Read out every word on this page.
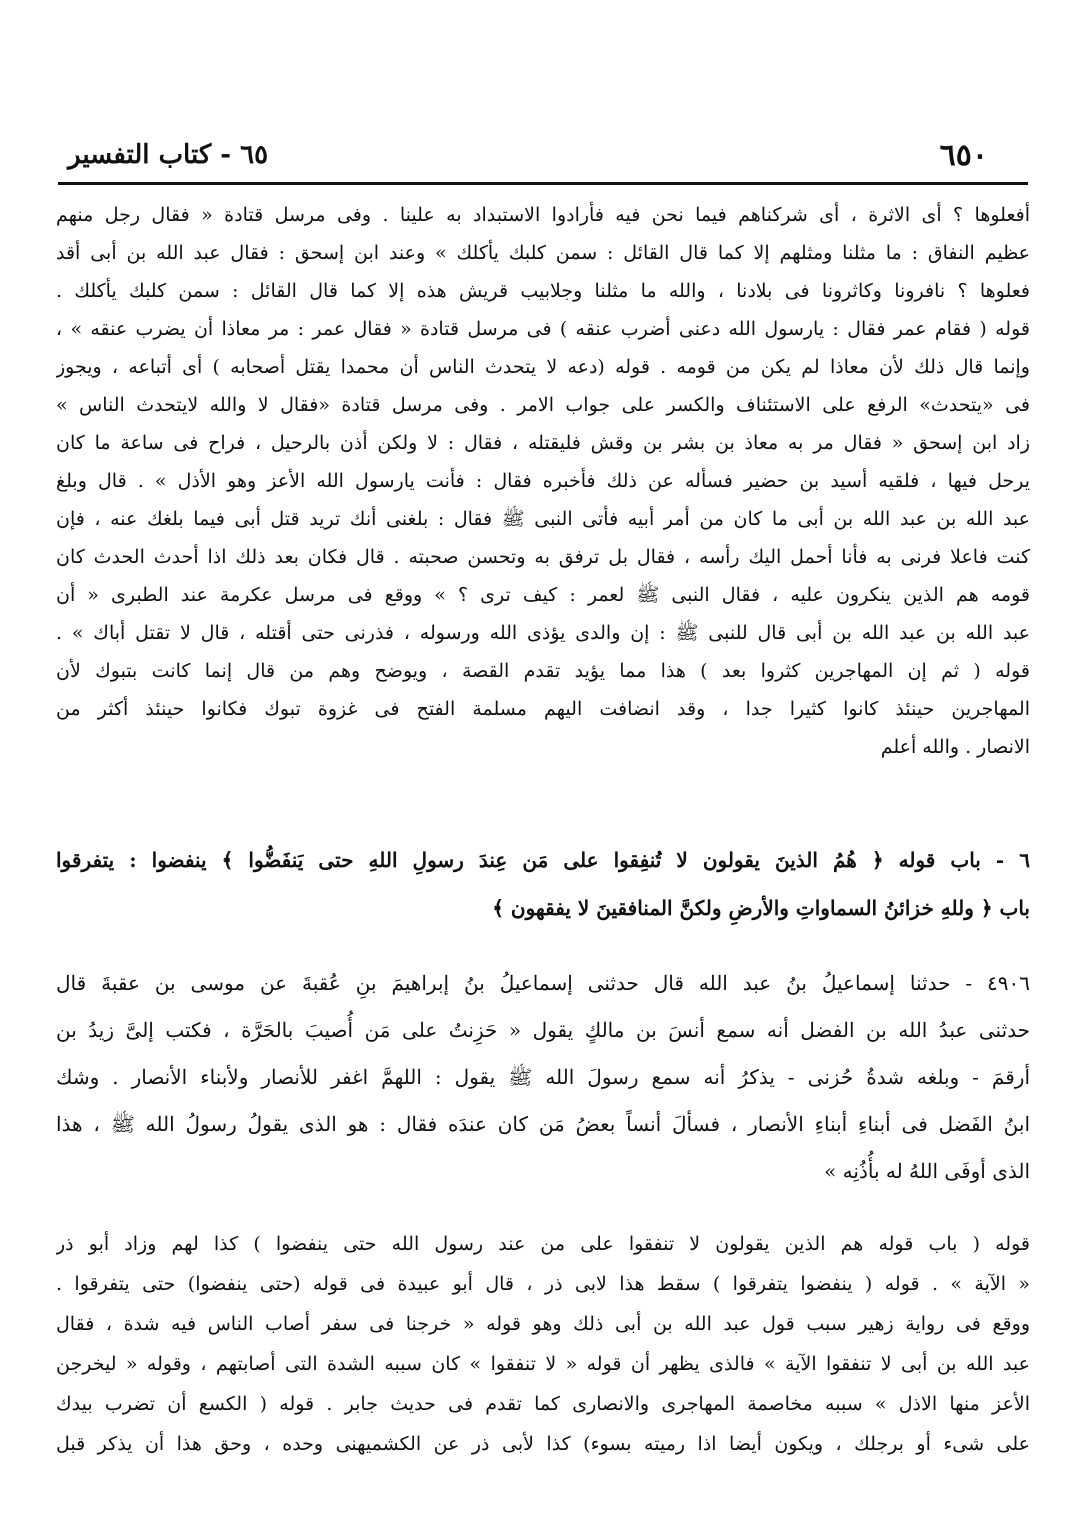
٦٥٠
٦٥ - كتاب التفسير
أفعلوها ؟ أى الاثرة ، أى شركناهم فيما نحن فيه فأرادوا الاستبداد به علينا . وفى مرسل قتادة « فقال رجل منهم
عظيم النفاق : ما مثلنا ومثلهم إلا كما قال القائل : سمن كلبك يأكلك » وعند ابن إسحق : فقال عبد الله بن أبى أقد
فعلوها ؟ نافرونا وكاثرونا فى بلادنا ، والله ما مثلنا وجلابيب قريش هذه إلا كما قال القائل : سمن كلبك يأكلك .
قوله ( فقام عمر فقال : يارسول الله دعنى أضرب عنقه ) فى مرسل قتادة « فقال عمر : مر معاذا أن يضرب عنقه » ،
وإنما قال ذلك لأن معاذا لم يكن من قومه . قوله (دعه لا يتحدث الناس أن محمدا يقتل أصحابه ) أى أتباعه ، ويجوز
فى «يتحدث» الرفع على الاستئناف والكسر على جواب الامر . وفى مرسل قتادة «فقال لا والله لايتحدث الناس »
زاد ابن إسحق « فقال مر به معاذ بن بشر بن وقش فليقتله ، فقال : لا ولكن أذن بالرحيل ، فراح فى ساعة ما كان
يرحل فيها ، فلقيه أسيد بن حضير فسأله عن ذلك فأخبره فقال : فأنت يارسول الله الأعز وهو الأذل » . قال وبلغ
عبد الله بن عبد الله بن أبى ما كان من أمر أبيه فأتى النبى ﷺ فقال : بلغنى أنك تريد قتل أبى فيما بلغك عنه ، فإن
كنت فاعلا فرنى به فأنا أحمل اليك رأسه ، فقال بل ترفق به وتحسن صحبته . قال فكان بعد ذلك اذا أحدث الحدث كان
قومه هم الذين ينكرون عليه ، فقال النبى ﷺ لعمر : كيف ترى ؟ » ووقع فى مرسل عكرمة عند الطبرى « أن
عبد الله بن عبد الله بن أبى قال للنبى ﷺ : إن والدى يؤذى الله ورسوله ، فذرنى حتى أقتله ، قال لا تقتل أباك » .
قوله ( ثم إن المهاجرين كثروا بعد ) هذا مما يؤيد تقدم القصة ، ويوضح وهم من قال إنما كانت بتبوك لأن
المهاجرين حينئذ كانوا كثيرا جدا ، وقد انضافت اليهم مسلمة الفتح فى غزوة تبوك فكانوا حينئذ أكثر من
الانصار . والله أعلم
٦ - باب قوله ﴿ هُمُ الذينَ يقولون لا تُنفِقوا على مَن عِندَ رسولِ اللهِ حتى يَنفَضُّوا ﴾ ينفضوا : يتفرقوا
باب ﴿ وللهِ خزائنُ السماواتِ والأرضِ ولكنَّ المنافقينَ لا يفقهون ﴾
٤٩٠٦ - حدثنا إسماعيلُ بنُ عبد الله قال حدثنى إسماعيلُ بنُ إبراهيمَ بنِ عُقبةَ عن موسى بن عقبةَ قال
حدثنى عبدُ الله بن الفضل أنه سمع أنسَ بن مالكٍ يقول « حَزِنتُ على مَن أُصيبَ بالحَرَّة ، فكتب إلىَّ زيدُ بن
أرقمَ - وبلغه شدةُ حُزنى - يذكرُ أنه سمع رسولَ الله ﷺ يقول : اللهمَّ اغفر للأنصار ولأبناء الأنصار . وشك
ابنُ الفَضل فى أبناءِ أبناءِ الأنصار ، فسألَ أنساً بعضُ مَن كان عندَه فقال : هو الذى يقولُ رسولُ الله ﷺ ، هذا
الذى أوفَى اللهُ له بأُذُنِه »
قوله ( باب قوله هم الذين يقولون لا تنفقوا على من عند رسول الله حتى ينفضوا ) كذا لهم وزاد أبو ذر
« الآية » . قوله ( ينفضوا يتفرقوا ) سقط هذا لابى ذر ، قال أبو عبيدة فى قوله (حتى ينفضوا) حتى يتفرقوا .
ووقع فى رواية زهير سبب قول عبد الله بن أبى ذلك وهو قوله « خرجنا فى سفر أصاب الناس فيه شدة ، فقال
عبد الله بن أبى لا تنفقوا الآية » فالذى يظهر أن قوله « لا تنفقوا » كان سببه الشدة التى أصابتهم ، وقوله « ليخرجن
الأعز منها الاذل » سببه مخاصمة المهاجرى والانصارى كما تقدم فى حديث جابر . قوله ( الكسع أن تضرب بيدك
على شىء أو برجلك ، ويكون أيضا اذا رميته بسوء) كذا لأبى ذر عن الكشميهنى وحده ، وحق هذا أن يذكر قبل
